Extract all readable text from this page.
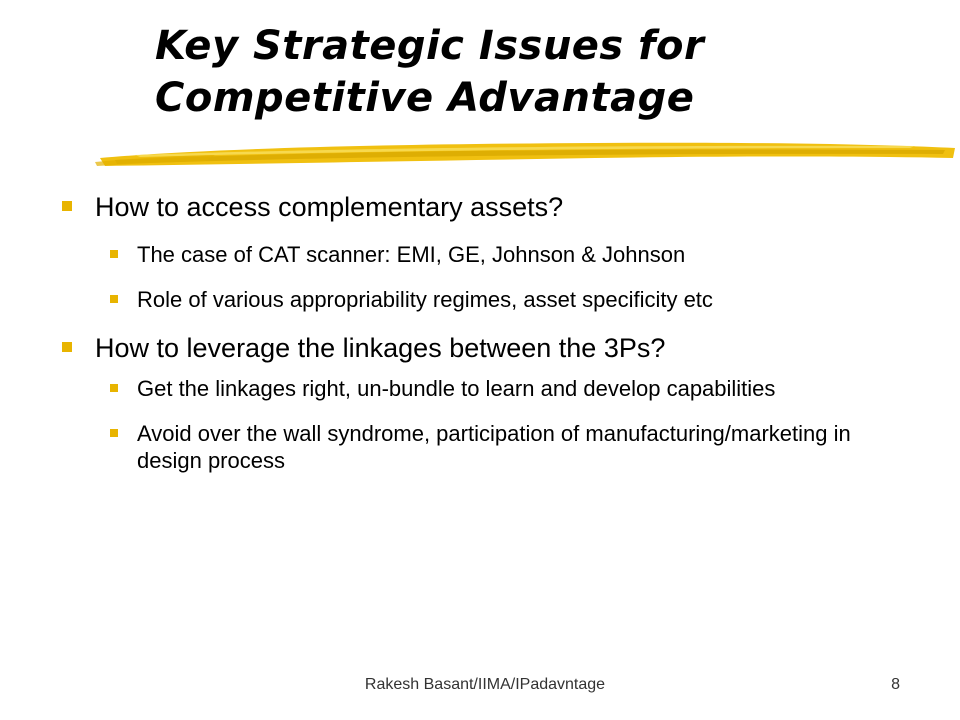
Key Strategic Issues for
Competitive Advantage
How to access complementary assets?
The case of CAT scanner: EMI, GE, Johnson & Johnson
Role of various appropriability regimes, asset specificity etc
How to leverage the linkages between the 3Ps?
Get the linkages right, un-bundle to learn and develop capabilities
Avoid over the wall syndrome, participation of manufacturing/marketing in design process
Rakesh Basant/IIMA/IPadavntage	8
